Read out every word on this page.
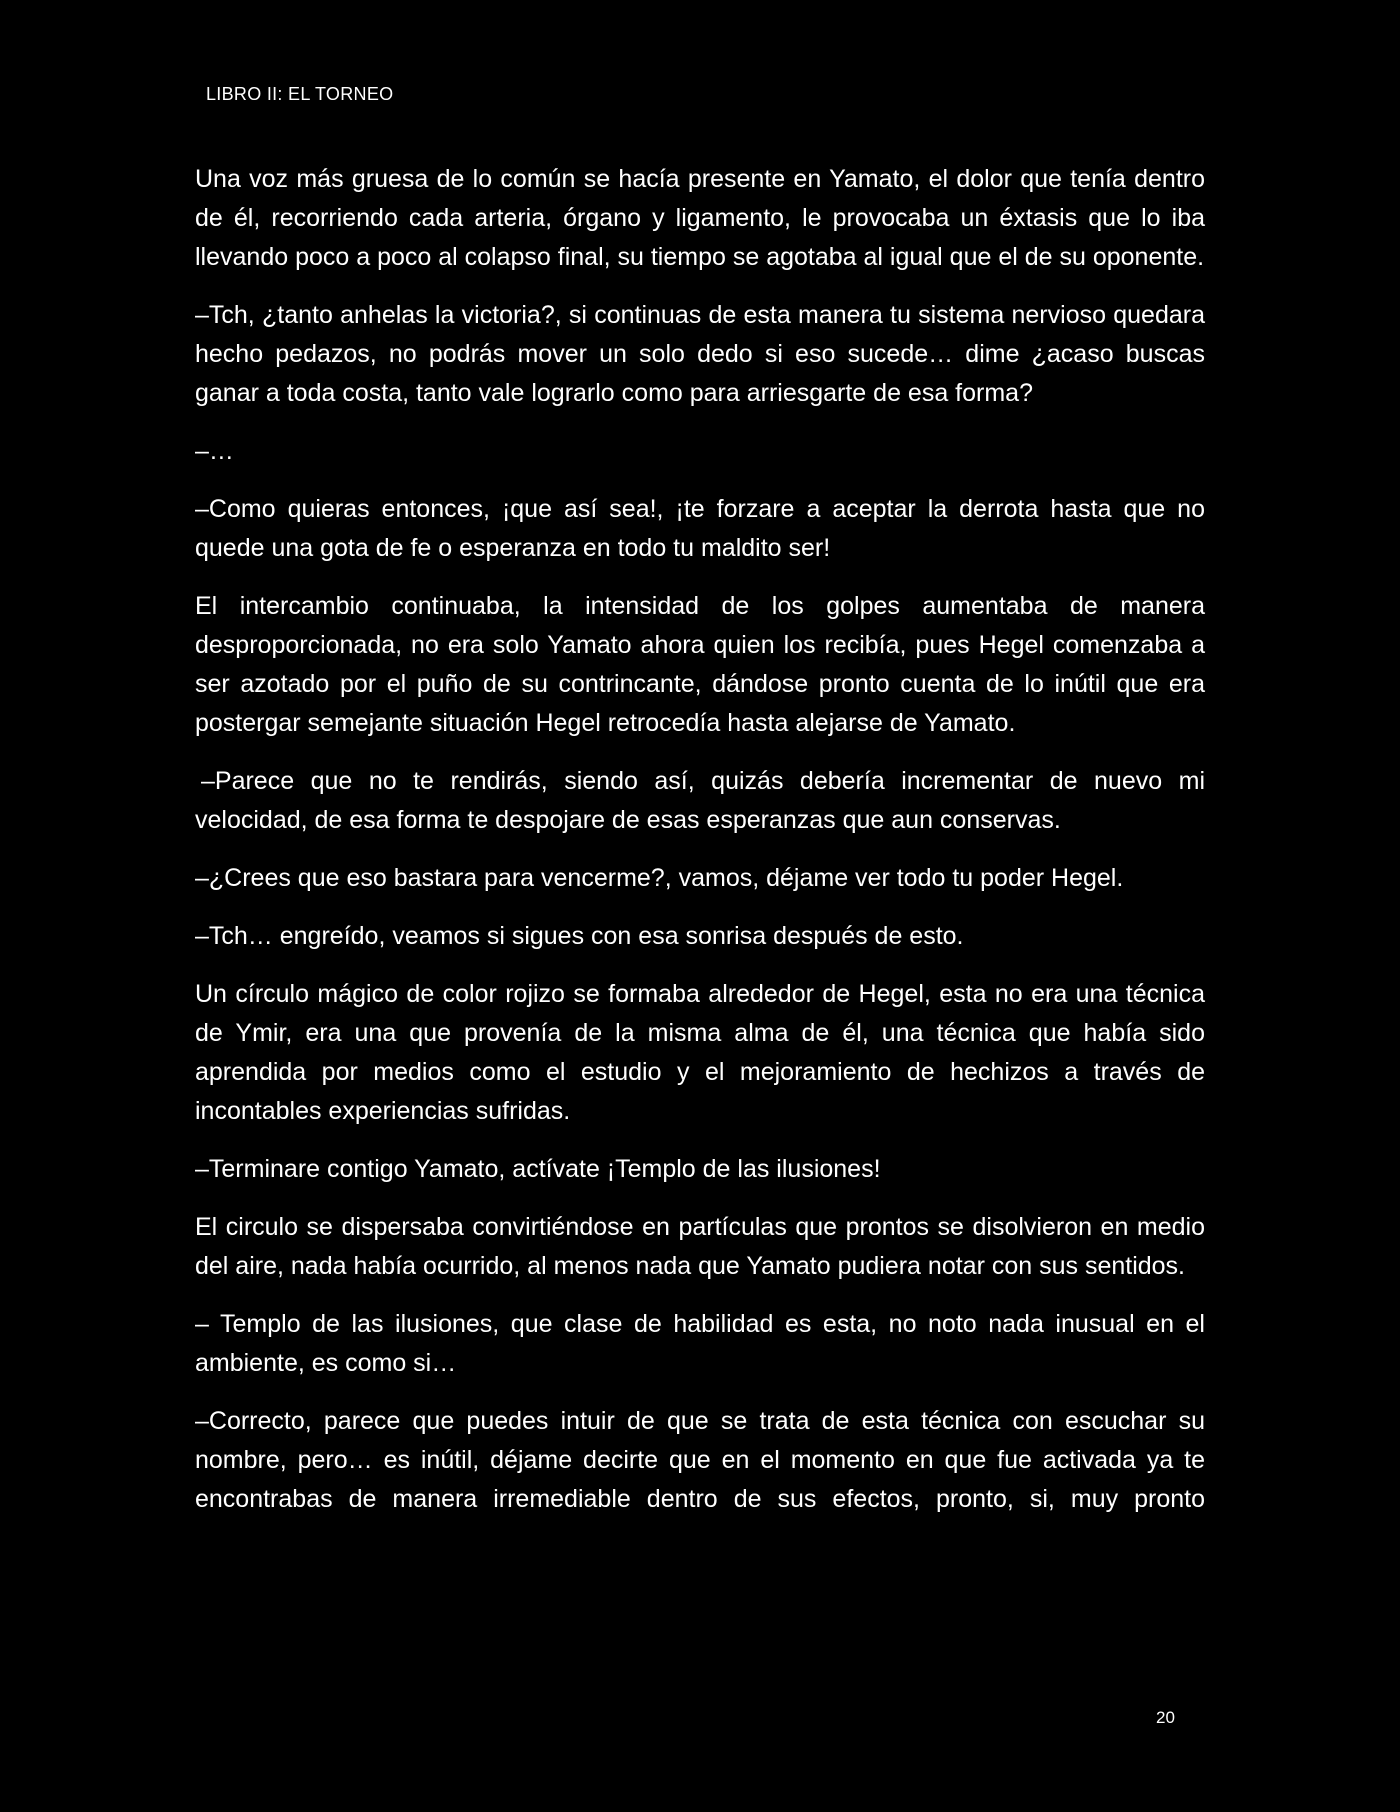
LIBRO II: EL TORNEO

Una voz más gruesa de lo común se hacía presente en Yamato, el dolor que tenía dentro de él, recorriendo cada arteria, órgano y ligamento, le provocaba un éxtasis que lo iba llevando poco a poco al colapso final, su tiempo se agotaba al igual que el de su oponente.

–Tch, ¿tanto anhelas la victoria?, si continuas de esta manera tu sistema nervioso quedara hecho pedazos, no podrás mover un solo dedo si eso sucede… dime ¿acaso buscas ganar a toda costa, tanto vale lograrlo como para arriesgarte de esa forma?

–…

–Como quieras entonces, ¡que así sea!, ¡te forzare a aceptar la derrota hasta que no quede una gota de fe o esperanza en todo tu maldito ser!

El intercambio continuaba, la intensidad de los golpes aumentaba de manera desproporcionada, no era solo Yamato ahora quien los recibía, pues Hegel comenzaba a ser azotado por el puño de su contrincante, dándose pronto cuenta de lo inútil que era postergar semejante situación Hegel retrocedía hasta alejarse de Yamato.

–Parece que no te rendirás, siendo así, quizás debería incrementar de nuevo mi velocidad, de esa forma te despojare de esas esperanzas que aun conservas.

–¿Crees que eso bastara para vencerme?, vamos, déjame ver todo tu poder Hegel.

–Tch… engreído, veamos si sigues con esa sonrisa después de esto.

Un círculo mágico de color rojizo se formaba alrededor de Hegel, esta no era una técnica de Ymir, era una que provenía de la misma alma de él, una técnica que había sido aprendida por medios como el estudio y el mejoramiento de hechizos a través de incontables experiencias sufridas.

–Terminare contigo Yamato, actívate ¡Templo de las ilusiones!

El circulo se dispersaba convirtiéndose en partículas que prontos se disolvieron en medio del aire, nada había ocurrido, al menos nada que Yamato pudiera notar con sus sentidos.

– Templo de las ilusiones, que clase de habilidad es esta, no noto nada inusual en el ambiente, es como si…

–Correcto, parece que puedes intuir de que se trata de esta técnica con escuchar su nombre, pero… es inútil, déjame decirte que en el momento en que fue activada ya te encontrabas de manera irremediable dentro de sus efectos, pronto, si, muy pronto

20
